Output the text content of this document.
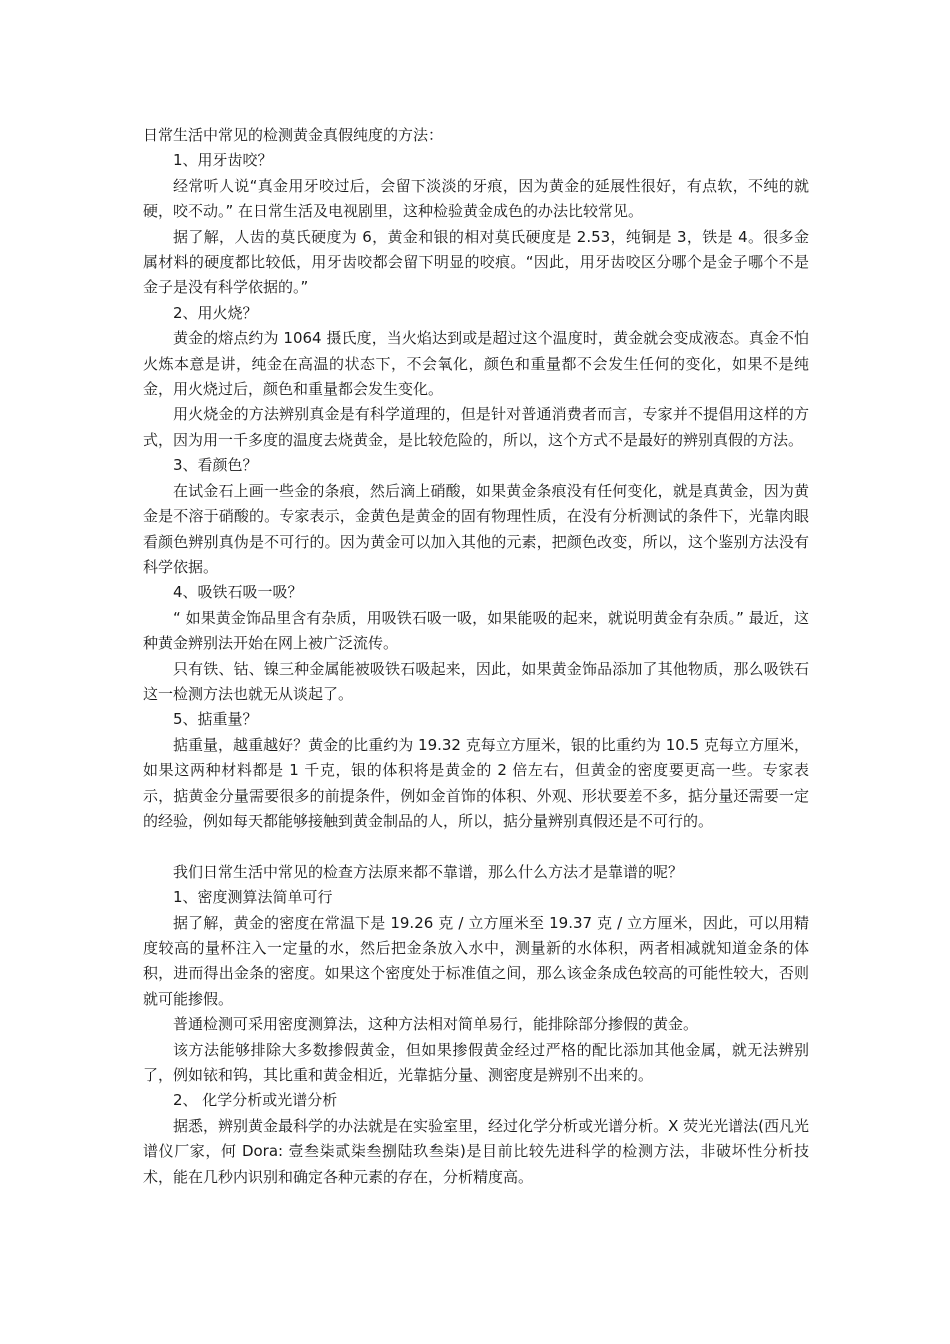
日常生活中常见的检测黄金真假纯度的方法：

1、用牙齿咬？

经常听人说“真金用牙咬过后，会留下淡淡的牙痕，因为黄金的延展性很好，有点软，不纯的就硬，咬不动。” 在日常生活及电视剧里，这种检验黄金成色的办法比较常见。

据了解，人齿的莫氏硬度为 6，黄金和银的相对莫氏硬度是 2.53，纯铜是 3，铁是 4。很多金属材料的硬度都比较低，用牙齿咬都会留下明显的咬痕。“因此，用牙齿咬区分哪个是金子哪个不是金子是没有科学依据的。”

2、用火烧？

黄金的熔点约为 1064 摄氏度，当火焰达到或是超过这个温度时，黄金就会变成液态。真金不怕火炼本意是讲，纯金在高温的状态下，不会氧化，颜色和重量都不会发生任何的变化，如果不是纯金，用火烧过后，颜色和重量都会发生变化。

用火烧金的方法辨别真金是有科学道理的，但是针对普通消费者而言，专家并不提倡用这样的方式，因为用一千多度的温度去烧黄金，是比较危险的，所以，这个方式不是最好的辨别真假的方法。

3、看颜色？

在试金石上画一些金的条痕，然后滴上硝酸，如果黄金条痕没有任何变化，就是真黄金，因为黄金是不溶于硝酸的。专家表示，金黄色是黄金的固有物理性质，在没有分析测试的条件下，光靠肉眼看颜色辨别真伪是不可行的。因为黄金可以加入其他的元素，把颜色改变，所以，这个鉴别方法没有科学依据。

4、吸铁石吸一吸？

“ 如果黄金饰品里含有杂质，用吸铁石吸一吸，如果能吸的起来，就说明黄金有杂质。” 最近，这种黄金辨别法开始在网上被广泛流传。

只有铁、钴、镍三种金属能被吸铁石吸起来，因此，如果黄金饰品添加了其他物质，那么吸铁石这一检测方法也就无从谈起了。

5、掂重量？

掂重量，越重越好？黄金的比重约为 19.32 克每立方厘米，银的比重约为 10.5 克每立方厘米，如果这两种材料都是 1 千克，银的体积将是黄金的 2 倍左右，但黄金的密度要更高一些。专家表示，掂黄金分量需要很多的前提条件，例如金首饰的体积、外观、形状要差不多，掂分量还需要一定的经验，例如每天都能够接触到黄金制品的人，所以，掂分量辨别真假还是不可行的。

我们日常生活中常见的检查方法原来都不靠谱，那么什么方法才是靠谱的呢？

1、密度测算法简单可行

据了解，黄金的密度在常温下是 19.26 克 / 立方厘米至 19.37 克 / 立方厘米，因此，可以用精度较高的量杯注入一定量的水，然后把金条放入水中，测量新的水体积，两者相减就知道金条的体积，进而得出金条的密度。如果这个密度处于标准值之间，那么该金条成色较高的可能性较大，否则就可能掺假。

普通检测可采用密度测算法，这种方法相对简单易行，能排除部分掺假的黄金。

该方法能够排除大多数掺假黄金，但如果掺假黄金经过严格的配比添加其他金属，就无法辨别了，例如铱和钨，其比重和黄金相近，光靠掂分量、测密度是辨别不出来的。

2、 化学分析或光谱分析

据悉，辨别黄金最科学的办法就是在实验室里，经过化学分析或光谱分析。X 荧光光谱法(西凡光谱仪厂家，何 Dora: 壹叁柒贰柒叁捌陆玖叁柒)是目前比较先进科学的检测方法，非破坏性分析技术，能在几秒内识别和确定各种元素的存在，分析精度高。
